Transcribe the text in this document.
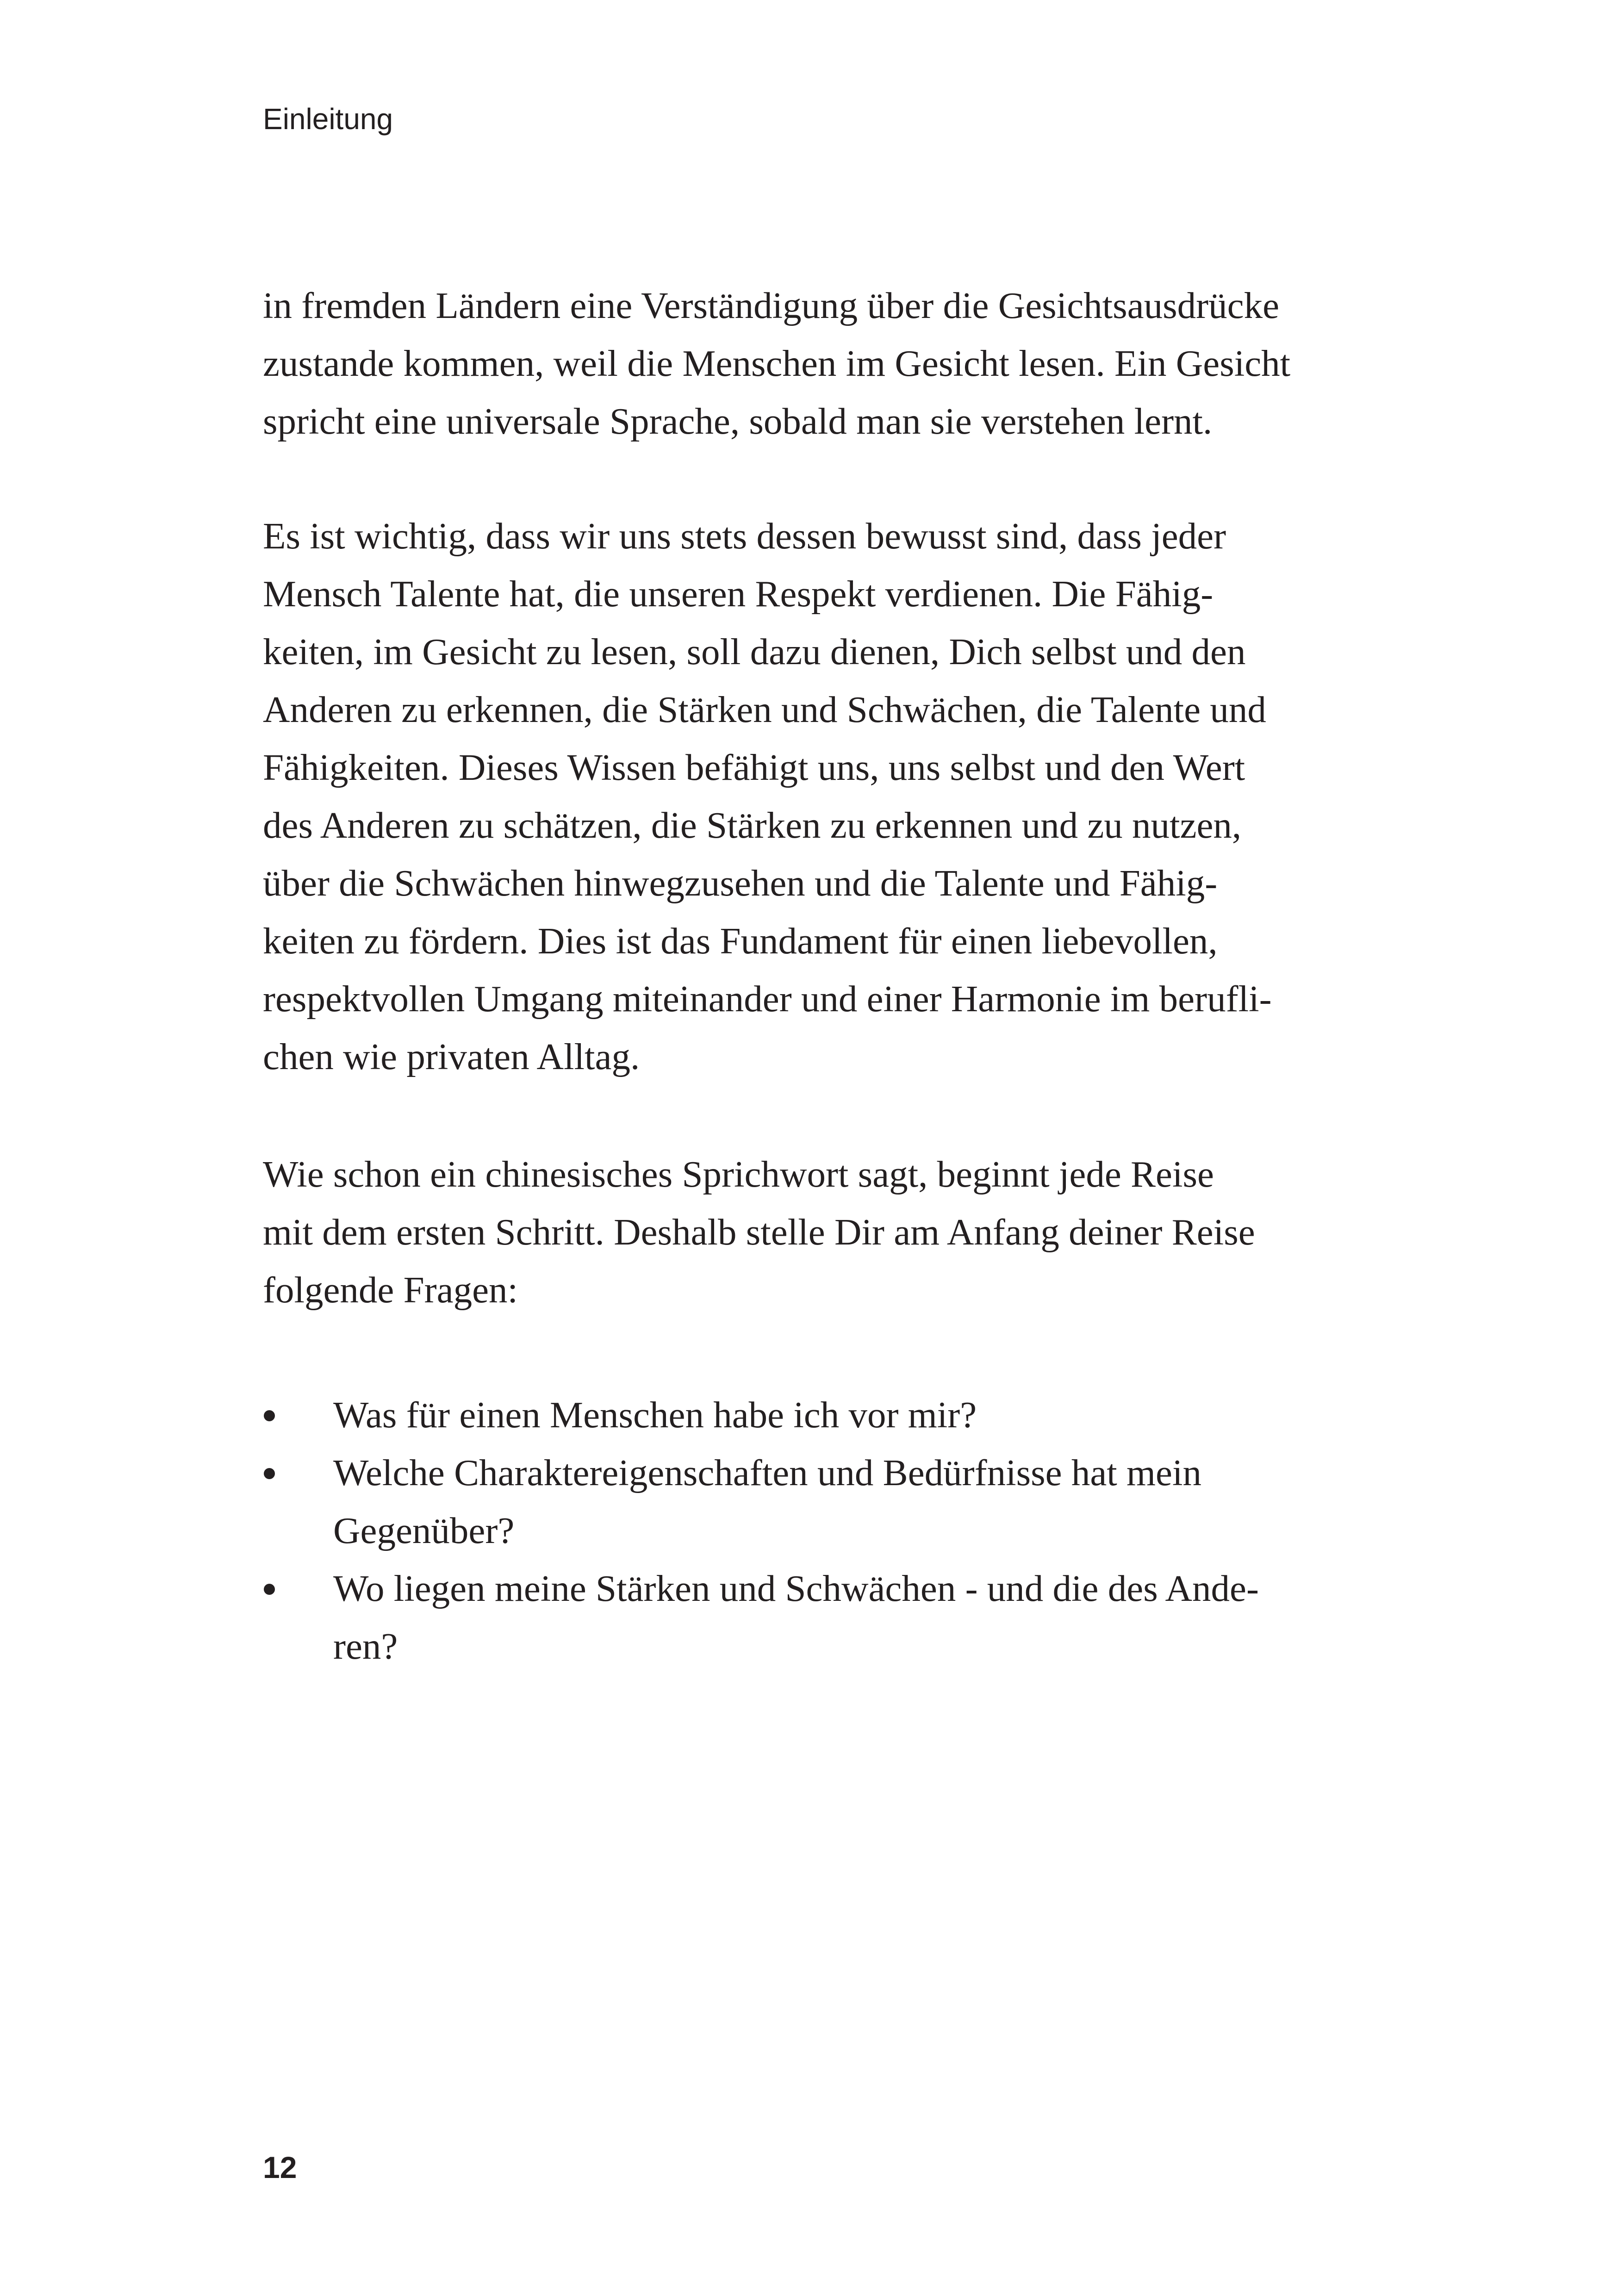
Einleitung

in fremden Ländern eine Verständigung über die Gesichtsausdrücke
zustande kommen, weil die Menschen im Gesicht lesen. Ein Gesicht
spricht eine universale Sprache, sobald man sie verstehen lernt.

Es ist wichtig, dass wir uns stets dessen bewusst sind, dass jeder
Mensch Talente hat, die unseren Respekt verdienen. Die Fähig-
keiten, im Gesicht zu lesen, soll dazu dienen, Dich selbst und den
Anderen zu erkennen, die Stärken und Schwächen, die Talente und
Fähigkeiten. Dieses Wissen befähigt uns, uns selbst und den Wert
des Anderen zu schätzen, die Stärken zu erkennen und zu nutzen,
über die Schwächen hinwegzusehen und die Talente und Fähig-
keiten zu fördern. Dies ist das Fundament für einen liebevollen,
respektvollen Umgang miteinander und einer Harmonie im berufli-
chen wie privaten Alltag.

Wie schon ein chinesisches Sprichwort sagt, beginnt jede Reise
mit dem ersten Schritt. Deshalb stelle Dir am Anfang deiner Reise
folgende Fragen:

Was für einen Menschen habe ich vor mir?
Welche Charaktereigenschaften und Bedürfnisse hat mein
Gegenüber?
Wo liegen meine Stärken und Schwächen - und die des Ande-
ren?
12
